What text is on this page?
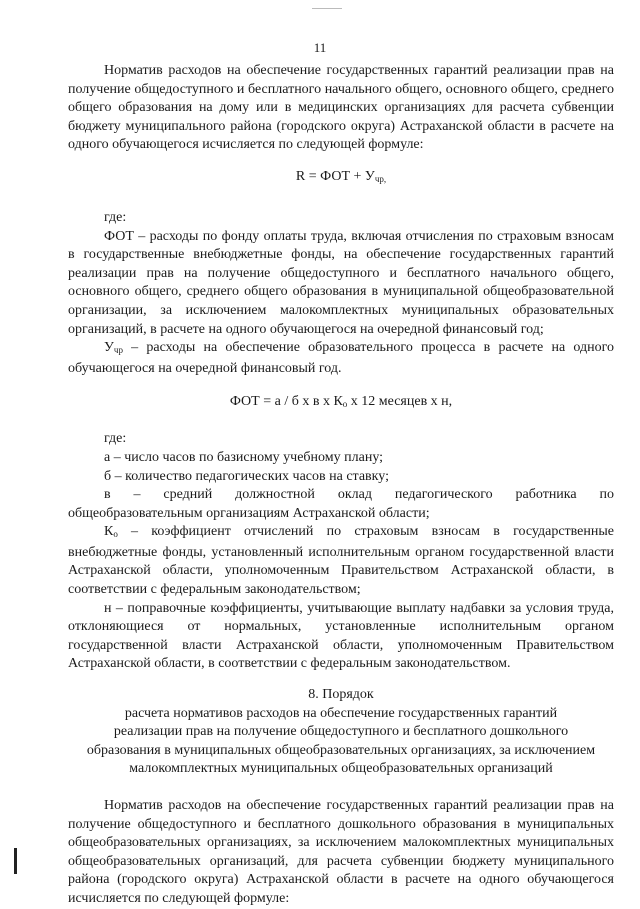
11

Норматив расходов на обеспечение государственных гарантий реализации прав на получение общедоступного и бесплатного начального общего, основного общего, среднего общего образования на дому или в медицинских организациях для расчета субвенции бюджету муниципального района (городского округа) Астраханской области в расчете на одного обучающегося исчисляется по следующей формуле:

R = ФОТ + $У_{чр,}$

где:

ФОТ – расходы по фонду оплаты труда, включая отчисления по страховым взносам в государственные внебюджетные фонды, на обеспечение государственных гарантий реализации прав на получение общедоступного и бесплатного начального общего, основного общего, среднего общего образования в муниципальной общеобразовательной организации, за исключением малокомплектных муниципальных образовательных организаций, в расчете на одного обучающегося на очередной финансовый год;

$У_{чр}$ – расходы на обеспечение образовательного процесса в расчете на одного обучающегося на очередной финансовый год.

ФОТ = а / б х в х $К_о$ х 12 месяцев х н,

где:

а – число часов по базисному учебному плану;

б – количество педагогических часов на ставку;

в – средний должностной оклад педагогического работника по общеобразовательным организациям Астраханской области;

$К_о$ – коэффициент отчислений по страховым взносам в государственные внебюджетные фонды, установленный исполнительным органом государственной власти Астраханской области, уполномоченным Правительством Астраханской области, в соответствии с федеральным законодательством;

н – поправочные коэффициенты, учитывающие выплату надбавки за условия труда, отклоняющиеся от нормальных, установленные исполнительным органом государственной власти Астраханской области, уполномоченным Правительством Астраханской области, в соответствии с федеральным законодательством.

8. Порядок
расчета нормативов расходов на обеспечение государственных гарантий
реализации прав на получение общедоступного и бесплатного дошкольного
образования в муниципальных общеобразовательных организациях, за исключением
малокомплектных муниципальных общеобразовательных организаций

Норматив расходов на обеспечение государственных гарантий реализации прав на получение общедоступного и бесплатного дошкольного образования в муниципальных общеобразовательных организациях, за исключением малокомплектных муниципальных общеобразовательных организаций, для расчета субвенции бюджету муниципального района (городского округа) Астраханской области в расчете на одного обучающегося исчисляется по следующей формуле:
